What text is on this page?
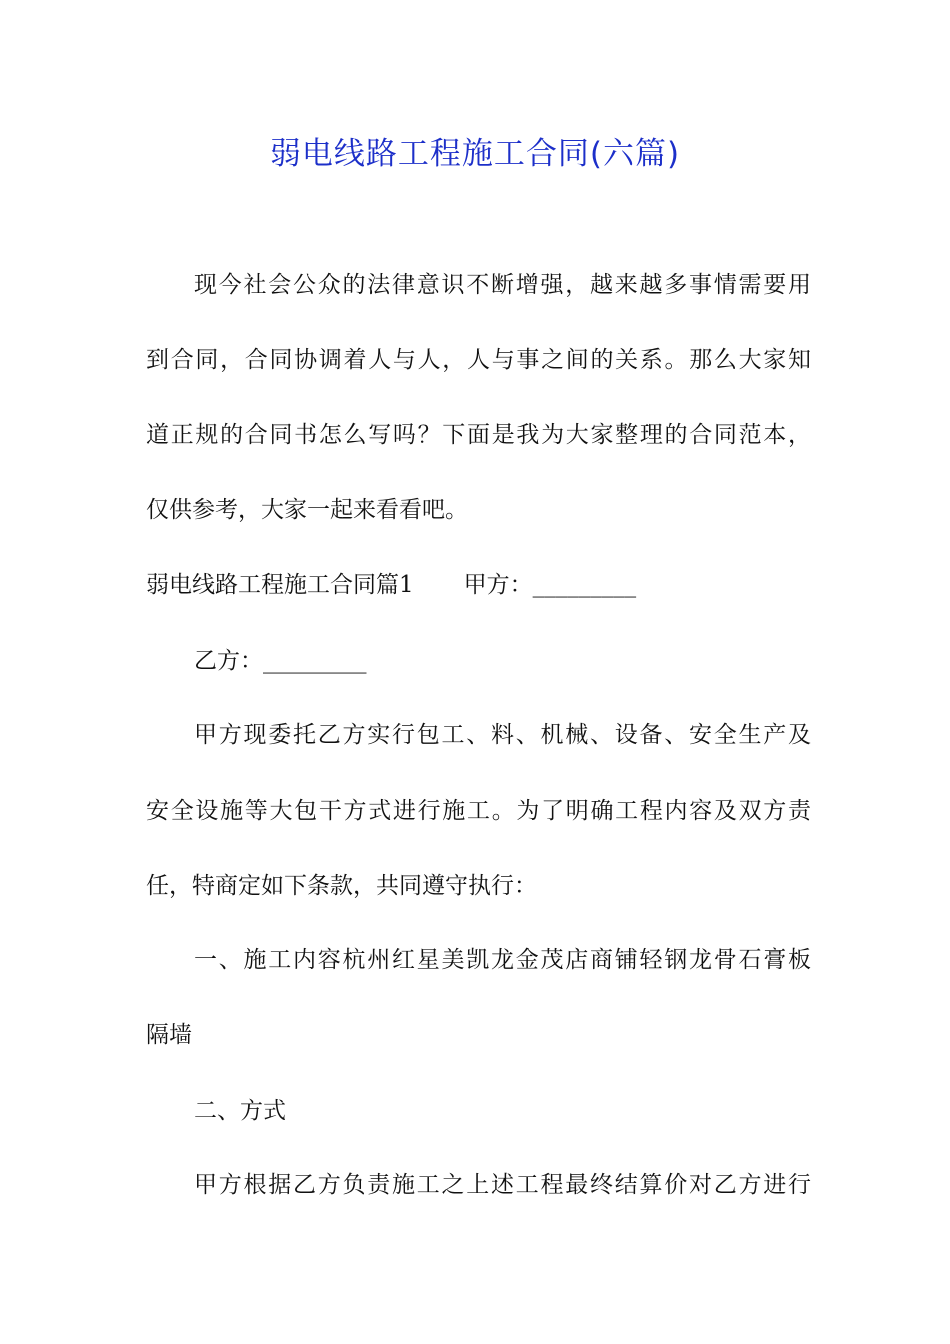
弱电线路工程施工合同(六篇)
现今社会公众的法律意识不断增强，越来越多事情需要用
到合同，合同协调着人与人，人与事之间的关系。那么大家知
道正规的合同书怎么写吗？下面是我为大家整理的合同范本，
仅供参考，大家一起来看看吧。
弱电线路工程施工合同篇1 甲方：_________
乙方：_________
甲方现委托乙方实行包工、料、机械、设备、安全生产及
安全设施等大包干方式进行施工。为了明确工程内容及双方责
任，特商定如下条款，共同遵守执行：
一、施工内容杭州红星美凯龙金茂店商铺轻钢龙骨石膏板
隔墙
二、方式
甲方根据乙方负责施工之上述工程最终结算价对乙方进行
